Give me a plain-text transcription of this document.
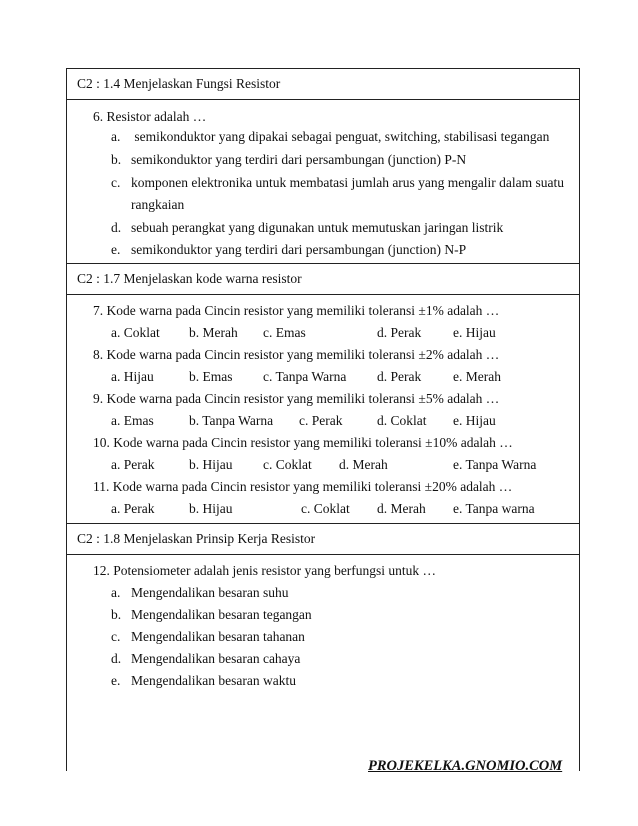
C2 : 1.4 Menjelaskan Fungsi Resistor
6. Resistor adalah …
a. semikonduktor yang dipakai sebagai penguat, switching, stabilisasi tegangan
b. semikonduktor yang terdiri dari persambungan (junction) P-N
c. komponen elektronika untuk membatasi jumlah arus yang mengalir dalam suatu
rangkaian
d. sebuah perangkat yang digunakan untuk memutuskan jaringan listrik
e. semikonduktor yang terdiri dari persambungan (junction) N-P
C2 : 1.7 Menjelaskan kode warna resistor
7. Kode warna pada Cincin resistor yang memiliki toleransi ±1% adalah …
a. Coklat b. Merah c. Emas	d. Perak e. Hijau
8. Kode warna pada Cincin resistor yang memiliki toleransi ±2% adalah …
a. Hijau	b. Emas c. Tanpa Warna d. Perak e. Merah
9. Kode warna pada Cincin resistor yang memiliki toleransi ±5% adalah …
a. Emas	b. Tanpa Warna c. Perak	d. Coklat e. Hijau
10. Kode warna pada Cincin resistor yang memiliki toleransi ±10% adalah …
a. Perak	b. Hijau c. Coklat d. Merah	e. Tanpa Warna
11. Kode warna pada Cincin resistor yang memiliki toleransi ±20% adalah …
a. Perak	b. Hijau	c. Coklat d. Merah e. Tanpa warna
C2 : 1.8 Menjelaskan Prinsip Kerja Resistor
12. Potensiometer adalah jenis resistor yang berfungsi untuk …
a. Mengendalikan besaran suhu
b. Mengendalikan besaran tegangan
c. Mengendalikan besaran tahanan
d. Mengendalikan besaran cahaya
e. Mengendalikan besaran waktu
PROJEKELKA.GNOMIO.COM
